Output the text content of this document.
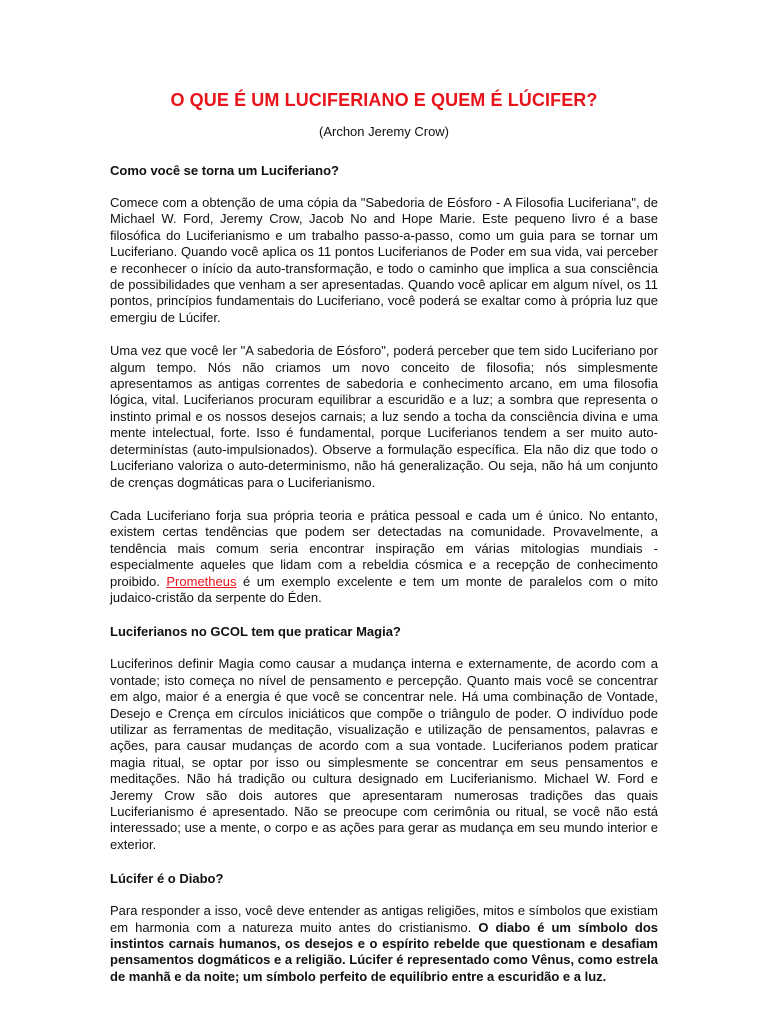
O QUE É UM LUCIFERIANO E QUEM É LÚCIFER?
(Archon Jeremy Crow)
Como você se torna um Luciferiano?

Comece com a obtenção de uma cópia da "Sabedoria de Eósforo - A Filosofia Luciferiana", de Michael W. Ford, Jeremy Crow, Jacob No and Hope Marie. Este pequeno livro é a base filosófica do Luciferianismo e um trabalho passo-a-passo, como um guia para se tornar um Luciferiano. Quando você aplica os 11 pontos Luciferianos de Poder em sua vida, vai perceber e reconhecer o início da auto-transformação, e todo o caminho que implica a sua consciência de possibilidades que venham a ser apresentadas. Quando você aplicar em algum nível, os 11 pontos, princípios fundamentais do Luciferiano, você poderá se exaltar como à própria luz que emergiu de Lúcifer.

Uma vez que você ler "A sabedoria de Eósforo", poderá perceber que tem sido Luciferiano por algum tempo. Nós não criamos um novo conceito de filosofia; nós simplesmente apresentamos as antigas correntes de sabedoria e conhecimento arcano, em uma filosofia lógica, vital. Luciferianos procuram equilibrar a escuridão e a luz; a sombra que representa o instinto primal e os nossos desejos carnais; a luz sendo a tocha da consciência divina e uma mente intelectual, forte. Isso é fundamental, porque Luciferianos tendem a ser muito auto-determinístas (auto-impulsionados). Observe a formulação específica. Ela não diz que todo o Luciferiano valoriza o auto-determinismo, não há generalização. Ou seja, não há um conjunto de crenças dogmáticas para o Luciferianismo.

Cada Luciferiano forja sua própria teoria e prática pessoal e cada um é único. No entanto, existem certas tendências que podem ser detectadas na comunidade. Provavelmente, a tendência mais comum seria encontrar inspiração em várias mitologias mundiais - especialmente aqueles que lidam com a rebeldia cósmica e a recepção de conhecimento proibido. Prometheus é um exemplo excelente e tem um monte de paralelos com o mito judaico-cristão da serpente do Éden.

Luciferianos no GCOL tem que praticar Magia?

Luciferinos definir Magia como causar a mudança interna e externamente, de acordo com a vontade; isto começa no nível de pensamento e percepção. Quanto mais você se concentrar em algo, maior é a energia é que você se concentrar nele. Há uma combinação de Vontade, Desejo e Crença em círculos iniciáticos que compõe o triângulo de poder. O indivíduo pode utilizar as ferramentas de meditação, visualização e utilização de pensamentos, palavras e ações, para causar mudanças de acordo com a sua vontade. Luciferianos podem praticar magia ritual, se optar por isso ou simplesmente se concentrar em seus pensamentos e meditações. Não há tradição ou cultura designado em Luciferianismo. Michael W. Ford e Jeremy Crow são dois autores que apresentaram numerosas tradições das quais Luciferianismo é apresentado. Não se preocupe com cerimônia ou ritual, se você não está interessado; use a mente, o corpo e as ações para gerar as mudança em seu mundo interior e exterior.

Lúcifer é o Diabo?

Para responder a isso, você deve entender as antigas religiões, mitos e símbolos que existiam em harmonia com a natureza muito antes do cristianismo. O diabo é um símbolo dos instintos carnais humanos, os desejos e o espírito rebelde que questionam e desafiam pensamentos dogmáticos e a religião. Lúcifer é representado como Vênus, como estrela de manhã e da noite; um símbolo perfeito de equilíbrio entre a escuridão e a luz.
